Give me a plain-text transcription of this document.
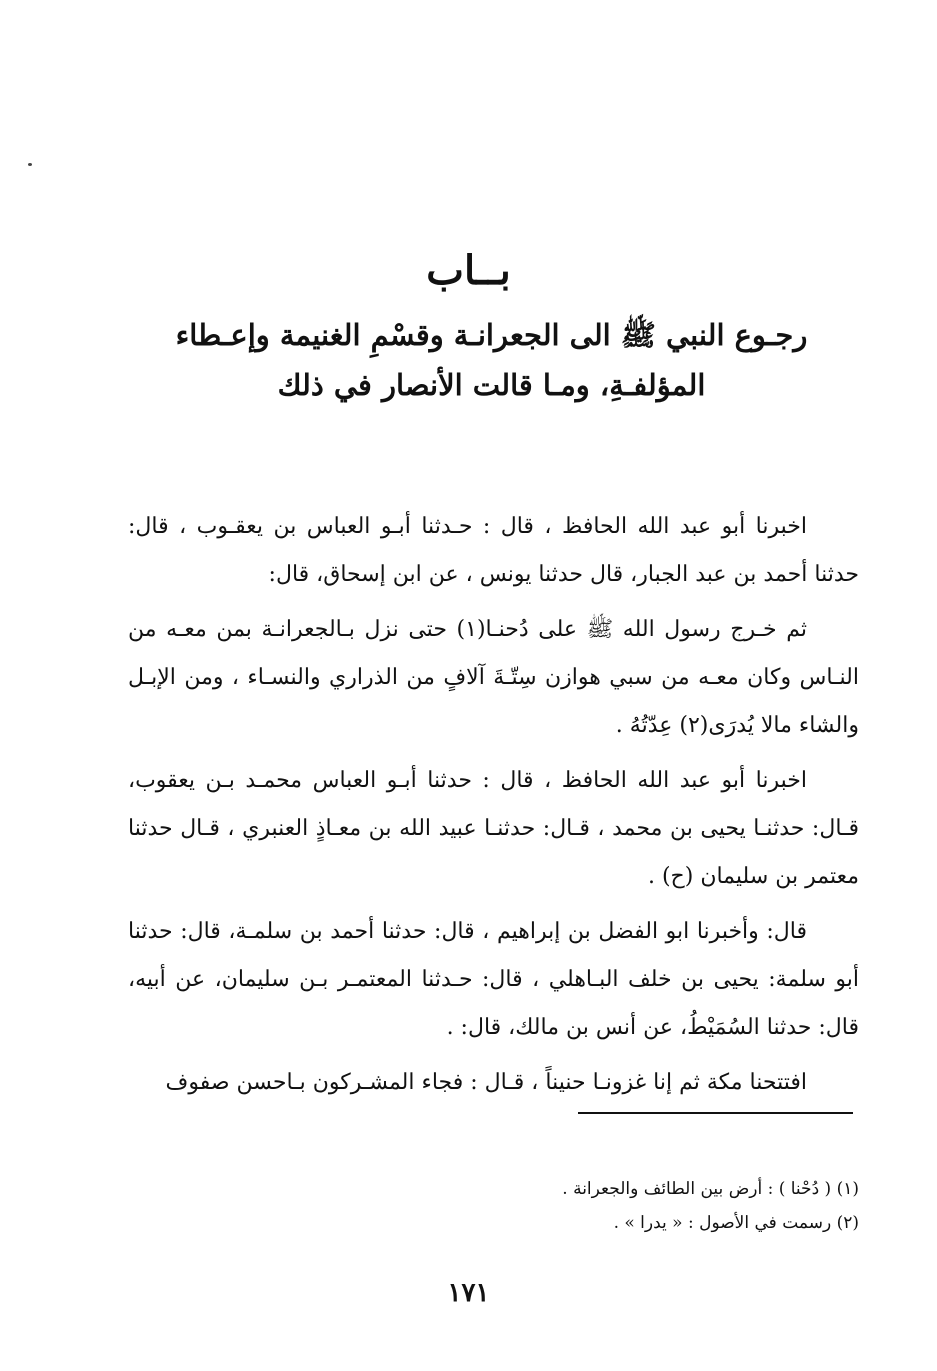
بــاب
رجـوع النبي ﷺ الى الجعرانـة وقسْمِ الغنيمة وإعـطاء المؤلفـةِ، ومـا قالت الأنصار في ذلك

اخبرنا أبو عبد الله الحافظ ، قال : حـدثنا أبـو العباس بن يعقـوب ، قال: حدثنا أحمد بن عبد الجبار، قال حدثنا يونس ، عن ابن إسحاق، قال:

ثم خـرج رسول الله ﷺ على دُحنـا(١) حتى نزل بـالجعرانـة بمن معـه من النـاس وكان معـه من سبي هوازن سِتّـةَ آلافٍ من الذراري والنسـاء ، ومن الإبـل والشاء مالا يُدرَى(٢) عِدّتُهُ .

اخبرنا أبو عبد الله الحافظ ، قال : حدثنا أبـو العباس محمـد بـن يعقوب، قـال: حدثنـا يحيى بن محمد ، قـال: حدثنـا عبيد الله بن معـاذٍ العنبري ، قـال حدثنا معتمر بن سليمان (ح) .

قال: وأخبرنا ابو الفضل بن إبراهيم ، قال: حدثنا أحمد بن سلمـة، قال: حدثنا أبو سلمة: يحيى بن خلف البـاهلي ، قال: حـدثنا المعتمـر بـن سليمان، عن أبيه، قال: حدثنا السُمَيْطُ، عن أنس بن مالك، قال: .

افتتحنا مكة ثم إنا غزونـا حنيناً ، قـال : فجاء المشـركون بـاحسن صفوف

(١) ( دُحْنا ) : أرض بين الطائف والجعرانة .

(٢) رسمت في الأصول : « يدرا » .

١٧١
